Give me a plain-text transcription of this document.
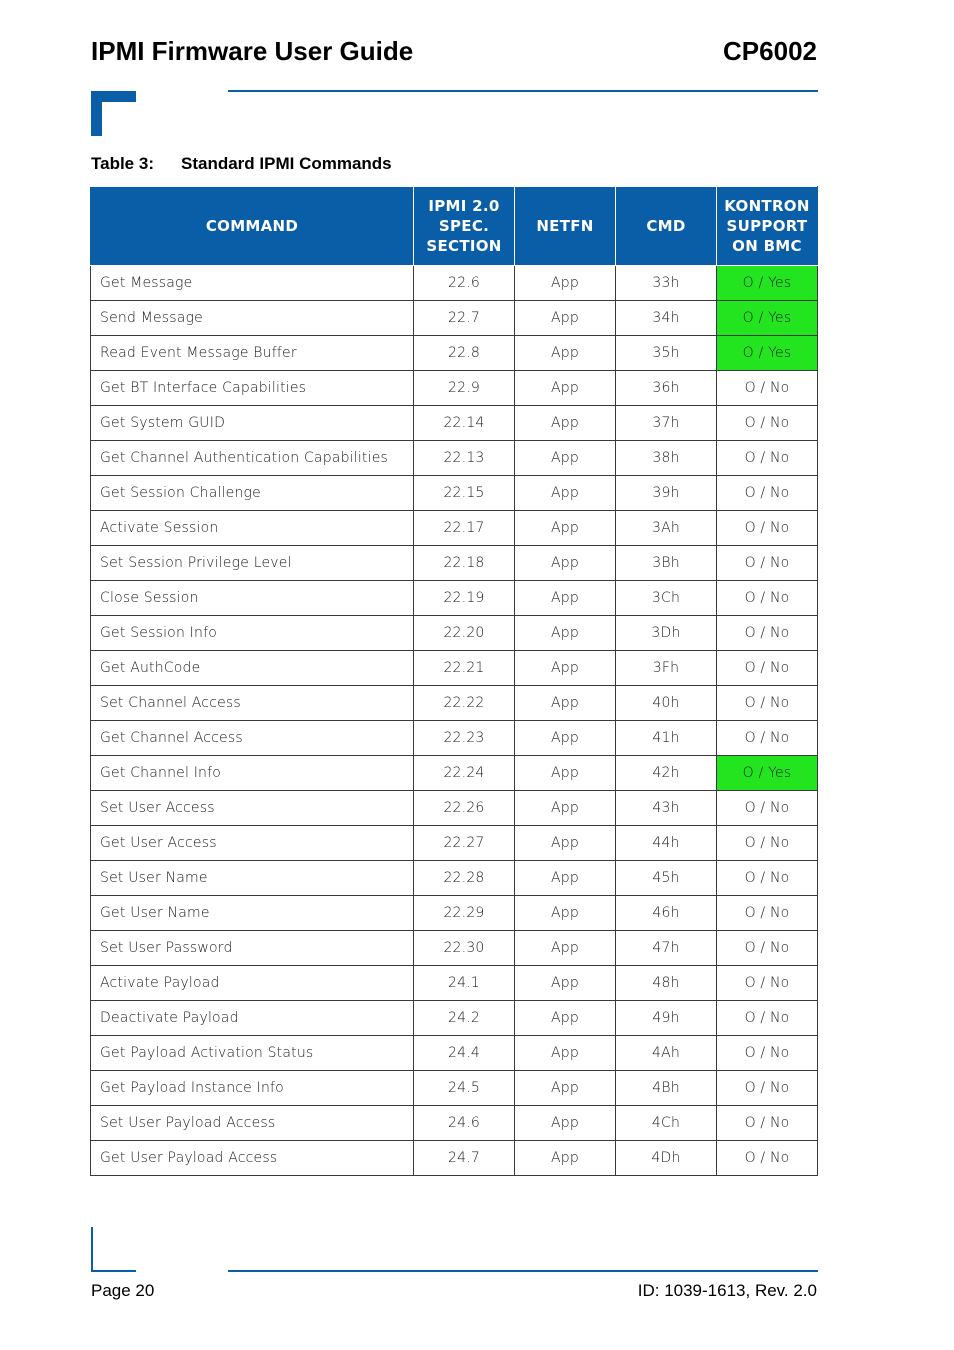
IPMI Firmware User Guide	CP6002
Table 3: Standard IPMI Commands
COMMAND	IPMI 2.0
SPEC.
SECTION	NETFN	CMD	KONTRON
SUPPORT
ON BMC
Get Message	22.6	App	33h	O / Yes
Send Message	22.7	App	34h	O / Yes
Read Event Message Buffer	22.8	App	35h	O / Yes
Get BT Interface Capabilities	22.9	App	36h	O / No
Get System GUID	22.14	App	37h	O / No
Get Channel Authentication Capabilities	22.13	App	38h	O / No
Get Session Challenge	22.15	App	39h	O / No
Activate Session	22.17	App	3Ah	O / No
Set Session Privilege Level	22.18	App	3Bh	O / No
Close Session	22.19	App	3Ch	O / No
Get Session Info	22.20	App	3Dh	O / No
Get AuthCode	22.21	App	3Fh	O / No
Set Channel Access	22.22	App	40h	O / No
Get Channel Access	22.23	App	41h	O / No
Get Channel Info	22.24	App	42h	O / Yes
Set User Access	22.26	App	43h	O / No
Get User Access	22.27	App	44h	O / No
Set User Name	22.28	App	45h	O / No
Get User Name	22.29	App	46h	O / No
Set User Password	22.30	App	47h	O / No
Activate Payload	24.1	App	48h	O / No
Deactivate Payload	24.2	App	49h	O / No
Get Payload Activation Status	24.4	App	4Ah	O / No
Get Payload Instance Info	24.5	App	4Bh	O / No
Set User Payload Access	24.6	App	4Ch	O / No
Get User Payload Access	24.7	App	4Dh	O / No
Page 20	ID: 1039-1613, Rev. 2.0
